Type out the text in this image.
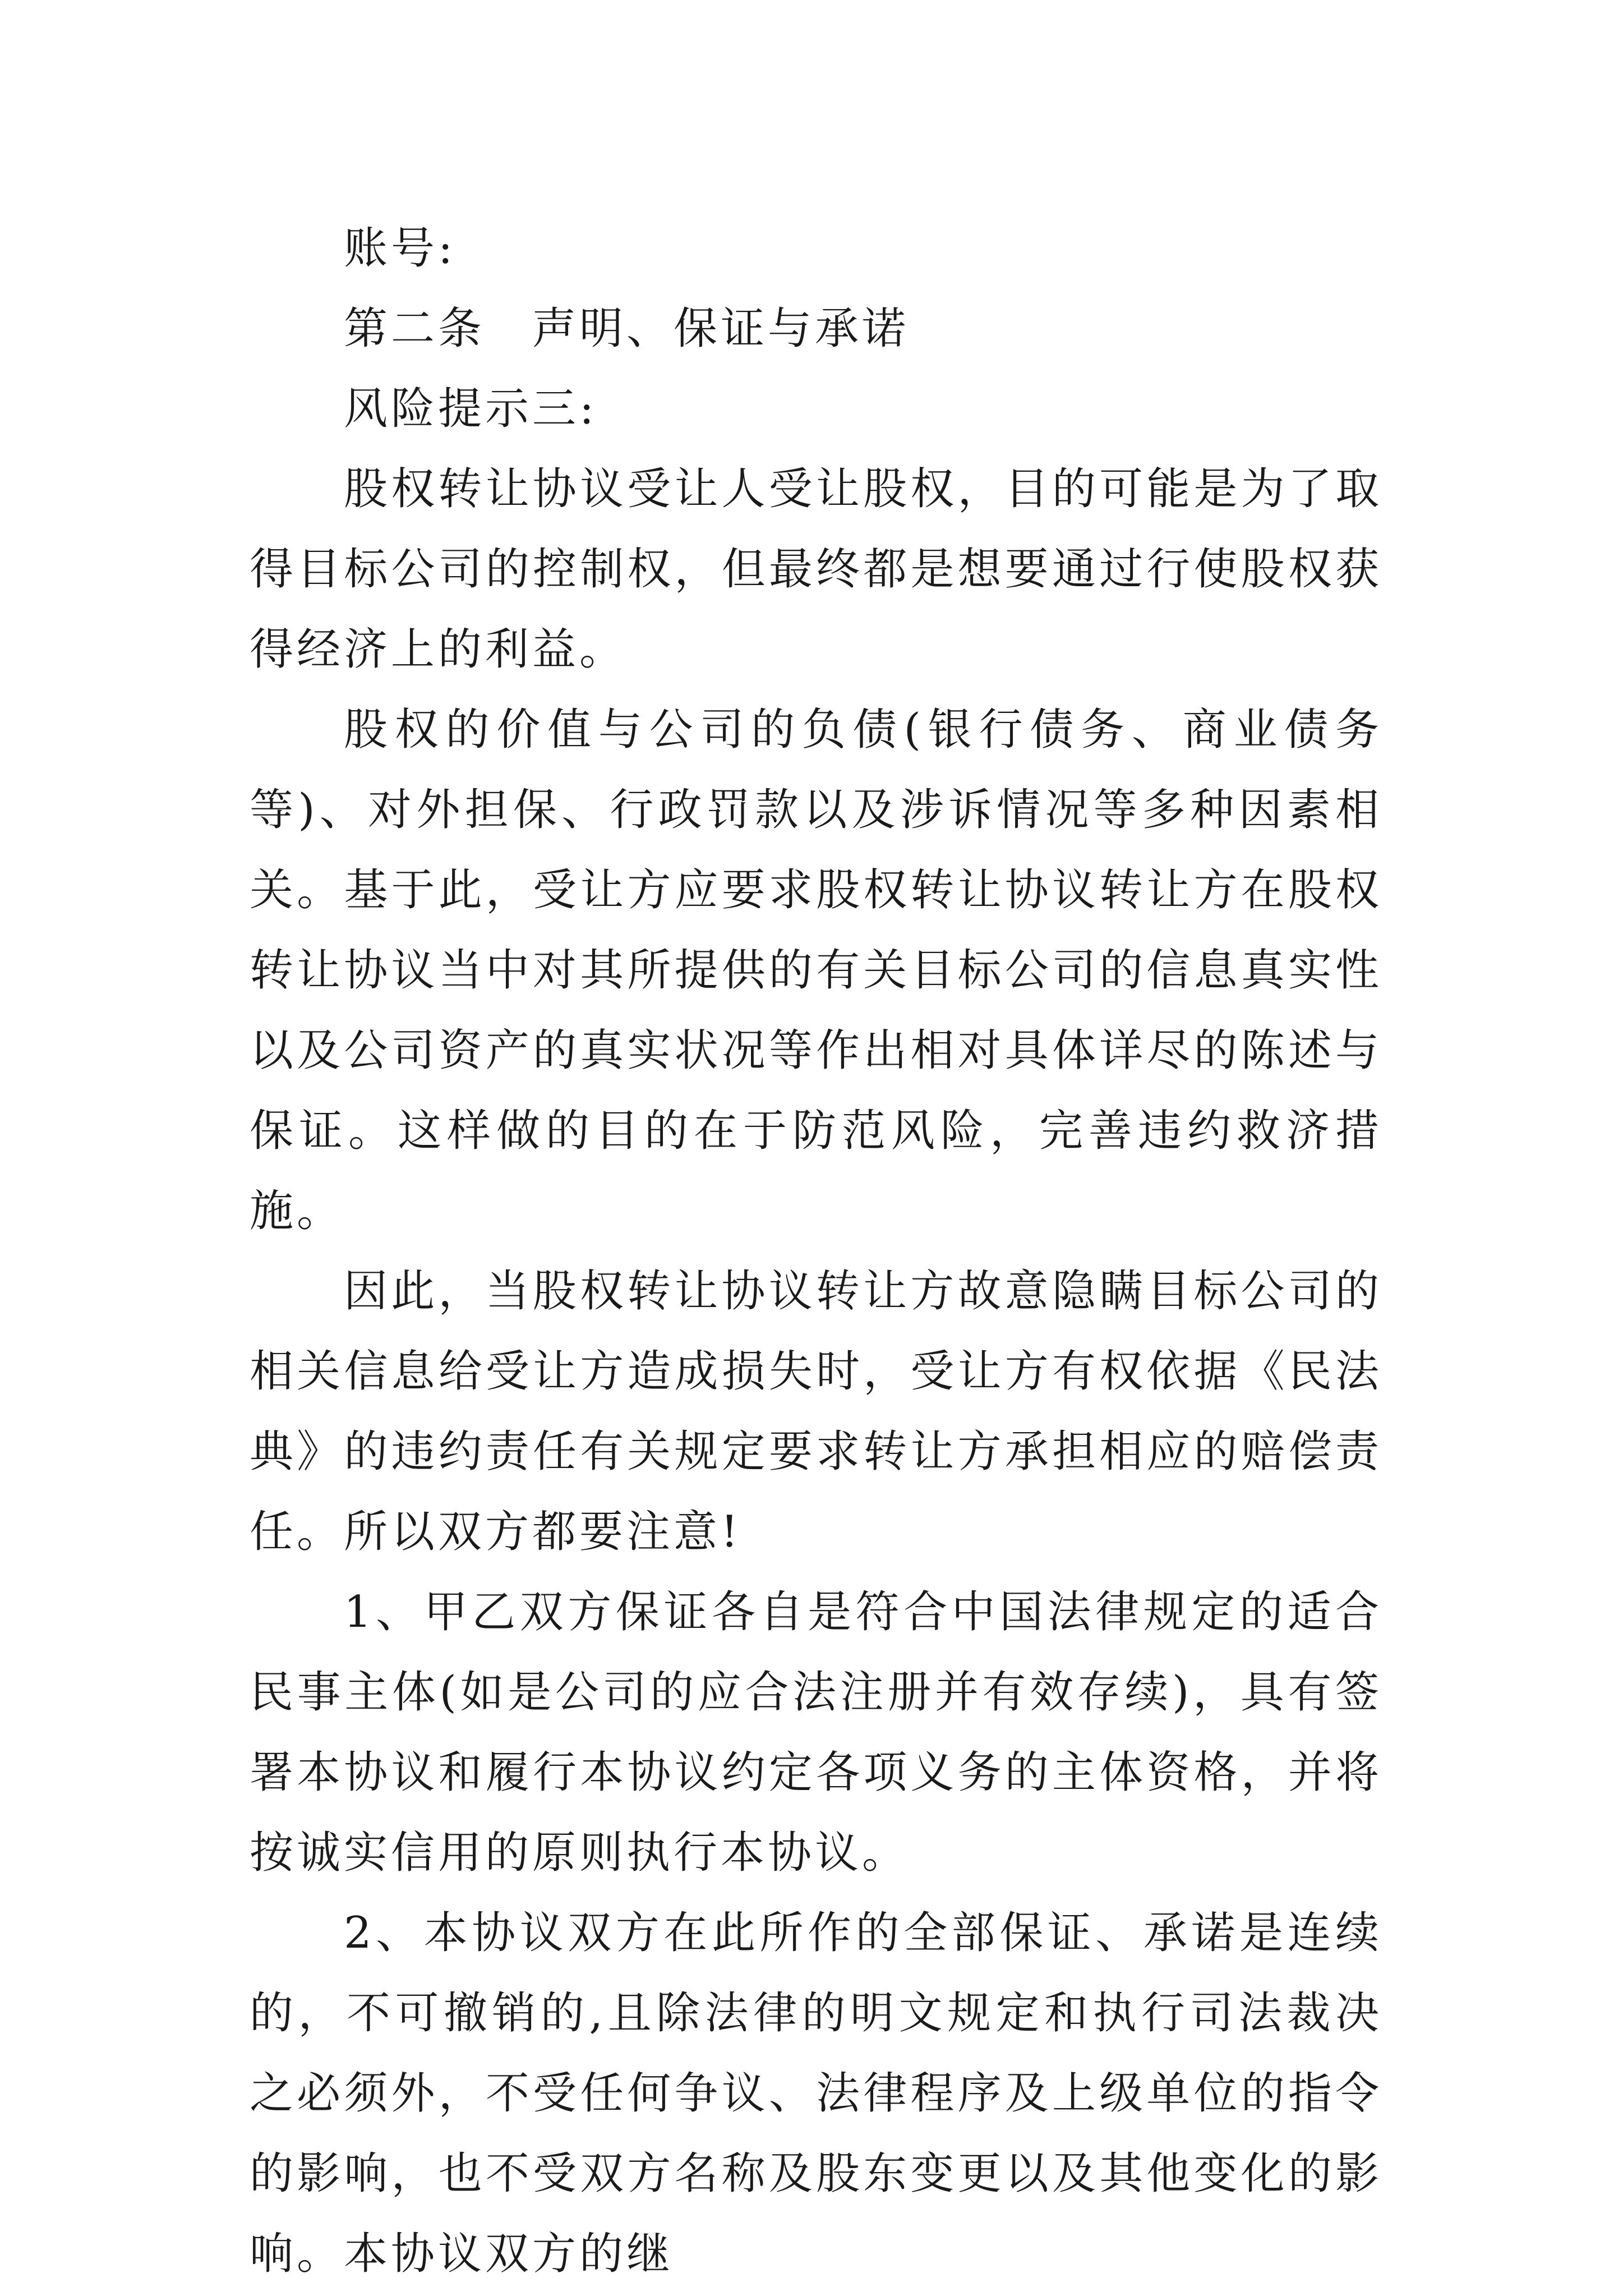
账号:

第二条　声明、保证与承诺

风险提示三:

股权转让协议受让人受让股权，目的可能是为了取得目标公司的控制权，但最终都是想要通过行使股权获得经济上的利益。

股权的价值与公司的负债(银行债务、商业债务等)、对外担保、行政罚款以及涉诉情况等多种因素相关。基于此，受让方应要求股权转让协议转让方在股权转让协议当中对其所提供的有关目标公司的信息真实性以及公司资产的真实状况等作出相对具体详尽的陈述与保证。这样做的目的在于防范风险，完善违约救济措施。

因此，当股权转让协议转让方故意隐瞒目标公司的相关信息给受让方造成损失时，受让方有权依据《民法典》的违约责任有关规定要求转让方承担相应的赔偿责任。所以双方都要注意!

1、甲乙双方保证各自是符合中国法律规定的适合民事主体(如是公司的应合法注册并有效存续)，具有签署本协议和履行本协议约定各项义务的主体资格，并将按诚实信用的原则执行本协议。

2、本协议双方在此所作的全部保证、承诺是连续的，不可撤销的,且除法律的明文规定和执行司法裁决之必须外，不受任何争议、法律程序及上级单位的指令的影响，也不受双方名称及股东变更以及其他变化的影响。本协议双方的继
